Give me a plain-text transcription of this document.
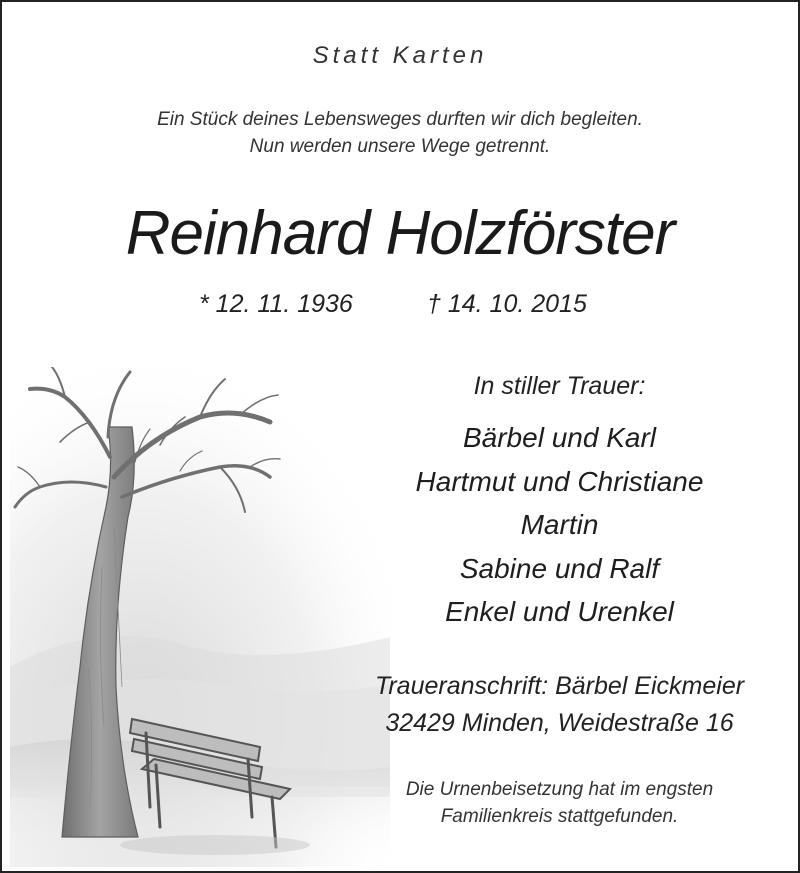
Statt Karten
Ein Stück deines Lebensweges durften wir dich begleiten.
Nun werden unsere Wege getrennt.
Reinhard Holzförster
* 12. 11. 1936	† 14. 10. 2015
In stiller Trauer:
Bärbel und Karl
Hartmut und Christiane
Martin
Sabine und Ralf
Enkel und Urenkel
Traueranschrift: Bärbel Eickmeier
32429 Minden, Weidestraße 16
Die Urnenbeisetzung hat im engsten
Familienkreis stattgefunden.
